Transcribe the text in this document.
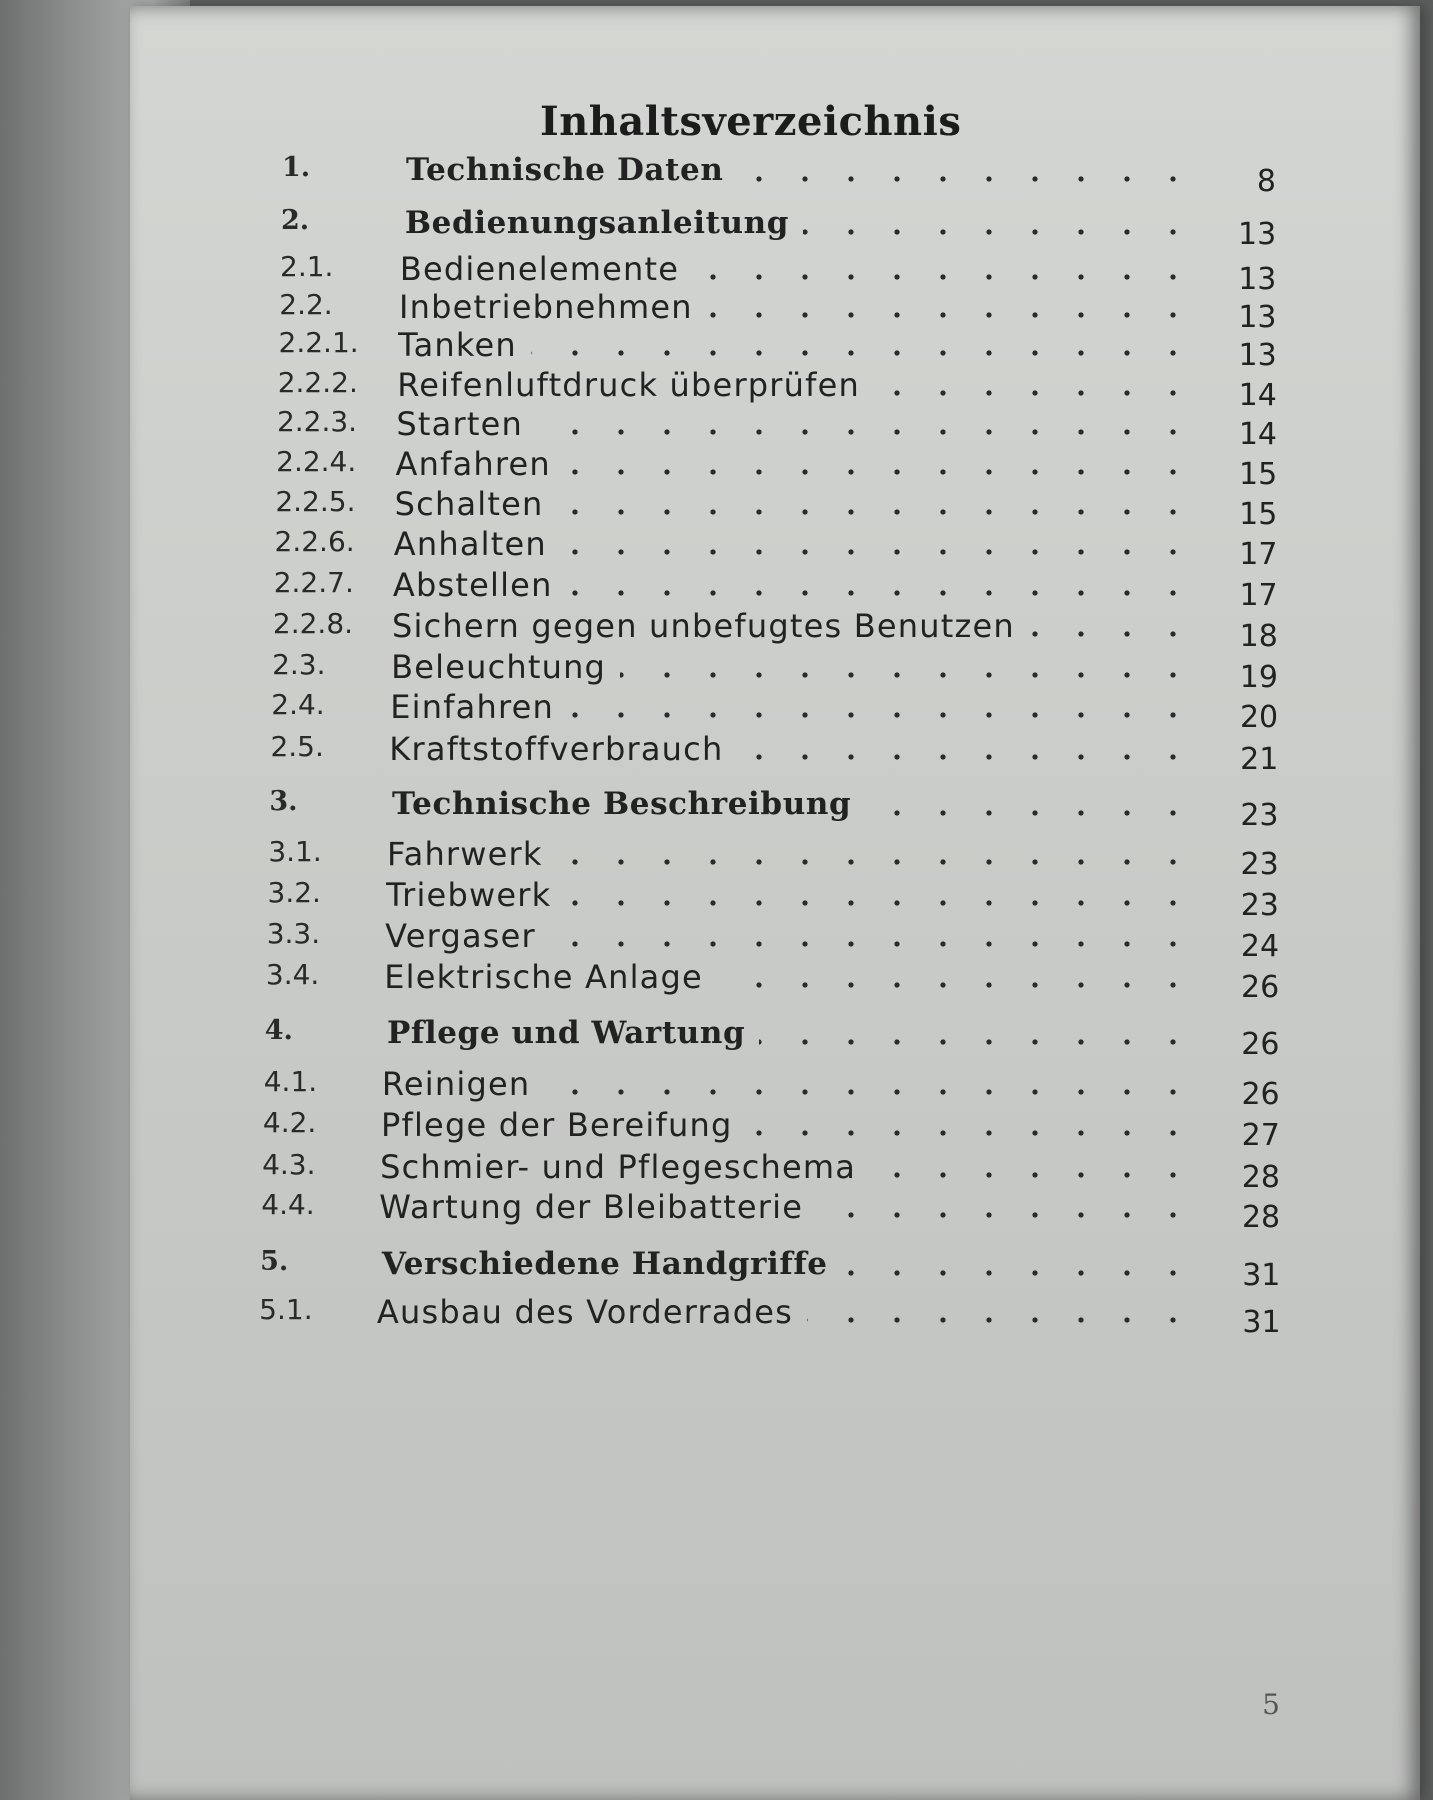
Inhaltsverzeichnis
1.	Technische Daten	8
2.	Bedienungsanleitung	13
2.1. Bedienelemente	13
2.2. Inbetriebnehmen	13
2.2.1. Tanken	13
2.2.2. Reifenluftdruck überprüfen	14
2.2.3. Starten	14
2.2.4. Anfahren	15
2.2.5. Schalten	15
2.2.6. Anhalten	17
2.2.7. Abstellen	17
2.2.8. Sichern gegen unbefugtes Benutzen	18
2.3. Beleuchtung	19
2.4. Einfahren	20
2.5. Kraftstoffverbrauch	21
3.	Technische Beschreibung	23
3.1. Fahrwerk	23
3.2. Triebwerk	23
3.3. Vergaser	24
3.4. Elektrische Anlage	26
4.	Pflege und Wartung	26
4.1. Reinigen	26
4.2. Pflege der Bereifung	27
4.3. Schmier- und Pflegeschema	28
4.4. Wartung der Bleibatterie	28
5.	Verschiedene Handgriffe	31
5.1. Ausbau des Vorderrades	31
5
